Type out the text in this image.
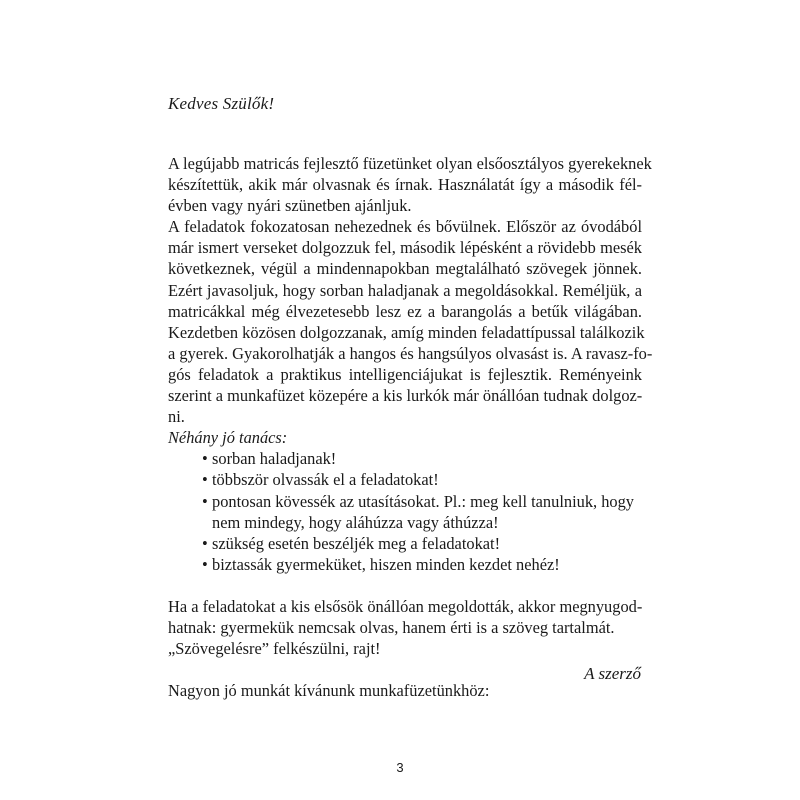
Kedves Szülők!

A legújabb matricás fejlesztő füzetünket olyan elsőosztályos gyerekeknek
készítettük, akik már olvasnak és írnak. Használatát így a második fél-
évben vagy nyári szünetben ajánljuk.
A feladatok fokozatosan nehezednek és bővülnek. Először az óvodából
már ismert verseket dolgozzuk fel, második lépésként a rövidebb mesék
következnek, végül a mindennapokban megtalálható szövegek jönnek.
Ezért javasoljuk, hogy sorban haladjanak a megoldásokkal. Reméljük, a
matricákkal még élvezetesebb lesz ez a barangolás a betűk világában.
Kezdetben közösen dolgozzanak, amíg minden feladattípussal találkozik
a gyerek. Gyakorolhatják a hangos és hangsúlyos olvasást is. A ravasz-fo-
gós feladatok a praktikus intelligenciájukat is fejlesztik. Reményeink
szerint a munkafüzet közepére a kis lurkók már önállóan tudnak dolgoz-
ni.
Néhány jó tanács:
• sorban haladjanak!
• többször olvassák el a feladatokat!
• pontosan kövessék az utasításokat. Pl.: meg kell tanulniuk, hogy
nem mindegy, hogy aláhúzza vagy áthúzza!
• szükség esetén beszéljék meg a feladatokat!
• biztassák gyermeküket, hiszen minden kezdet nehéz!
Ha a feladatokat a kis elsősök önállóan megoldották, akkor megnyugod-
hatnak: gyermekük nemcsak olvas, hanem érti is a szöveg tartalmát.
„Szövegelésre” felkészülni, rajt!
Nagyon jó munkát kívánunk munkafüzetünkhöz:

A szerző

3
